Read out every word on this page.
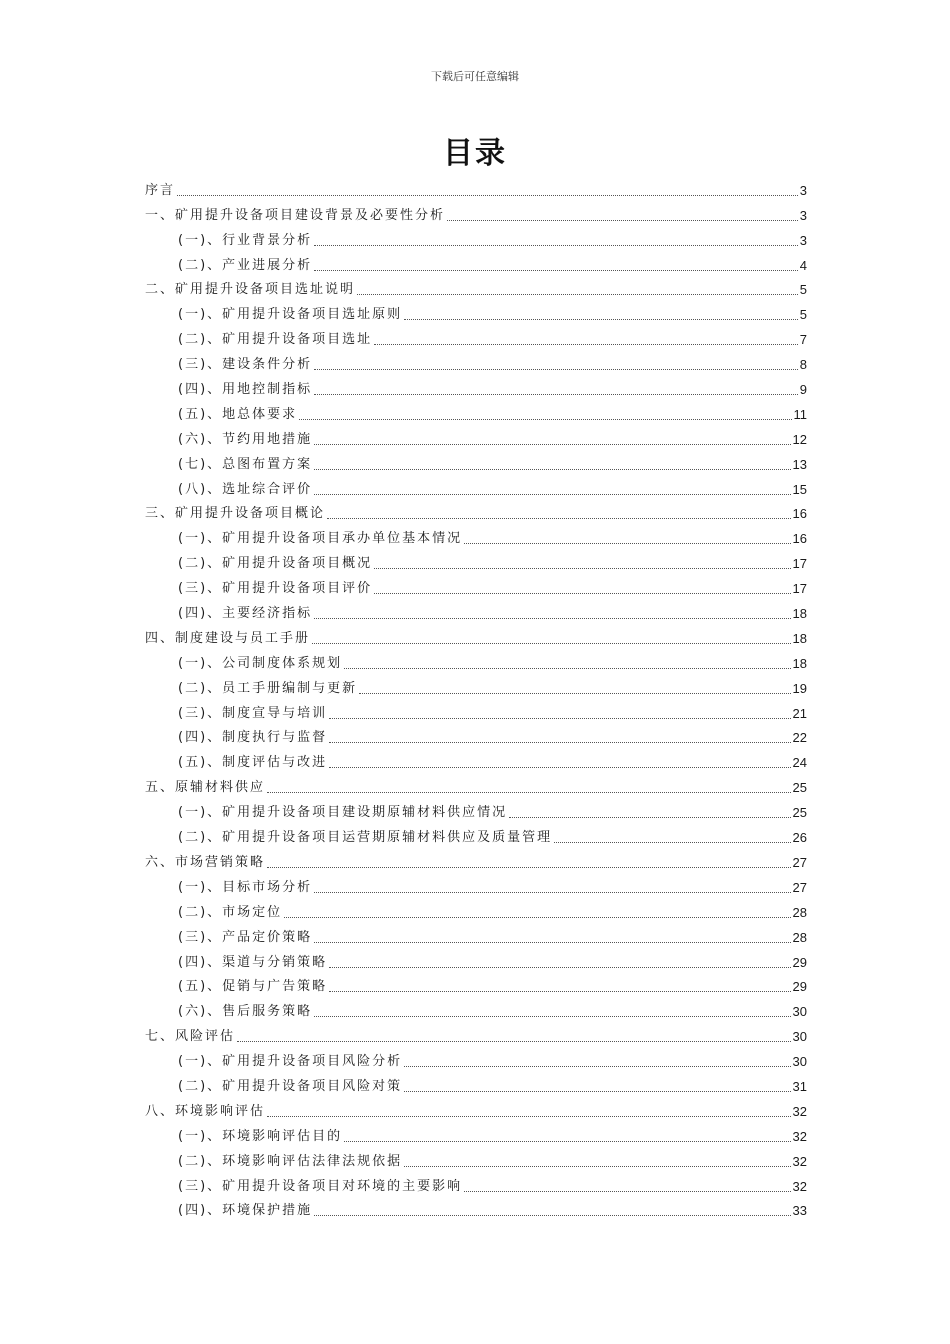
下载后可任意编辑
目录
序言	3
一、矿用提升设备项目建设背景及必要性分析	3
(一)、行业背景分析	3
(二)、产业进展分析	4
二、矿用提升设备项目选址说明	5
(一)、矿用提升设备项目选址原则	5
(二)、矿用提升设备项目选址	7
(三)、建设条件分析	8
(四)、用地控制指标	9
(五)、地总体要求	11
(六)、节约用地措施	12
(七)、总图布置方案	13
(八)、选址综合评价	15
三、矿用提升设备项目概论	16
(一)、矿用提升设备项目承办单位基本情况	16
(二)、矿用提升设备项目概况	17
(三)、矿用提升设备项目评价	17
(四)、主要经济指标	18
四、制度建设与员工手册	18
(一)、公司制度体系规划	18
(二)、员工手册编制与更新	19
(三)、制度宣导与培训	21
(四)、制度执行与监督	22
(五)、制度评估与改进	24
五、原辅材料供应	25
(一)、矿用提升设备项目建设期原辅材料供应情况	25
(二)、矿用提升设备项目运营期原辅材料供应及质量管理	26
六、市场营销策略	27
(一)、目标市场分析	27
(二)、市场定位	28
(三)、产品定价策略	28
(四)、渠道与分销策略	29
(五)、促销与广告策略	29
(六)、售后服务策略	30
七、风险评估	30
(一)、矿用提升设备项目风险分析	30
(二)、矿用提升设备项目风险对策	31
八、环境影响评估	32
(一)、环境影响评估目的	32
(二)、环境影响评估法律法规依据	32
(三)、矿用提升设备项目对环境的主要影响	32
(四)、环境保护措施	33
